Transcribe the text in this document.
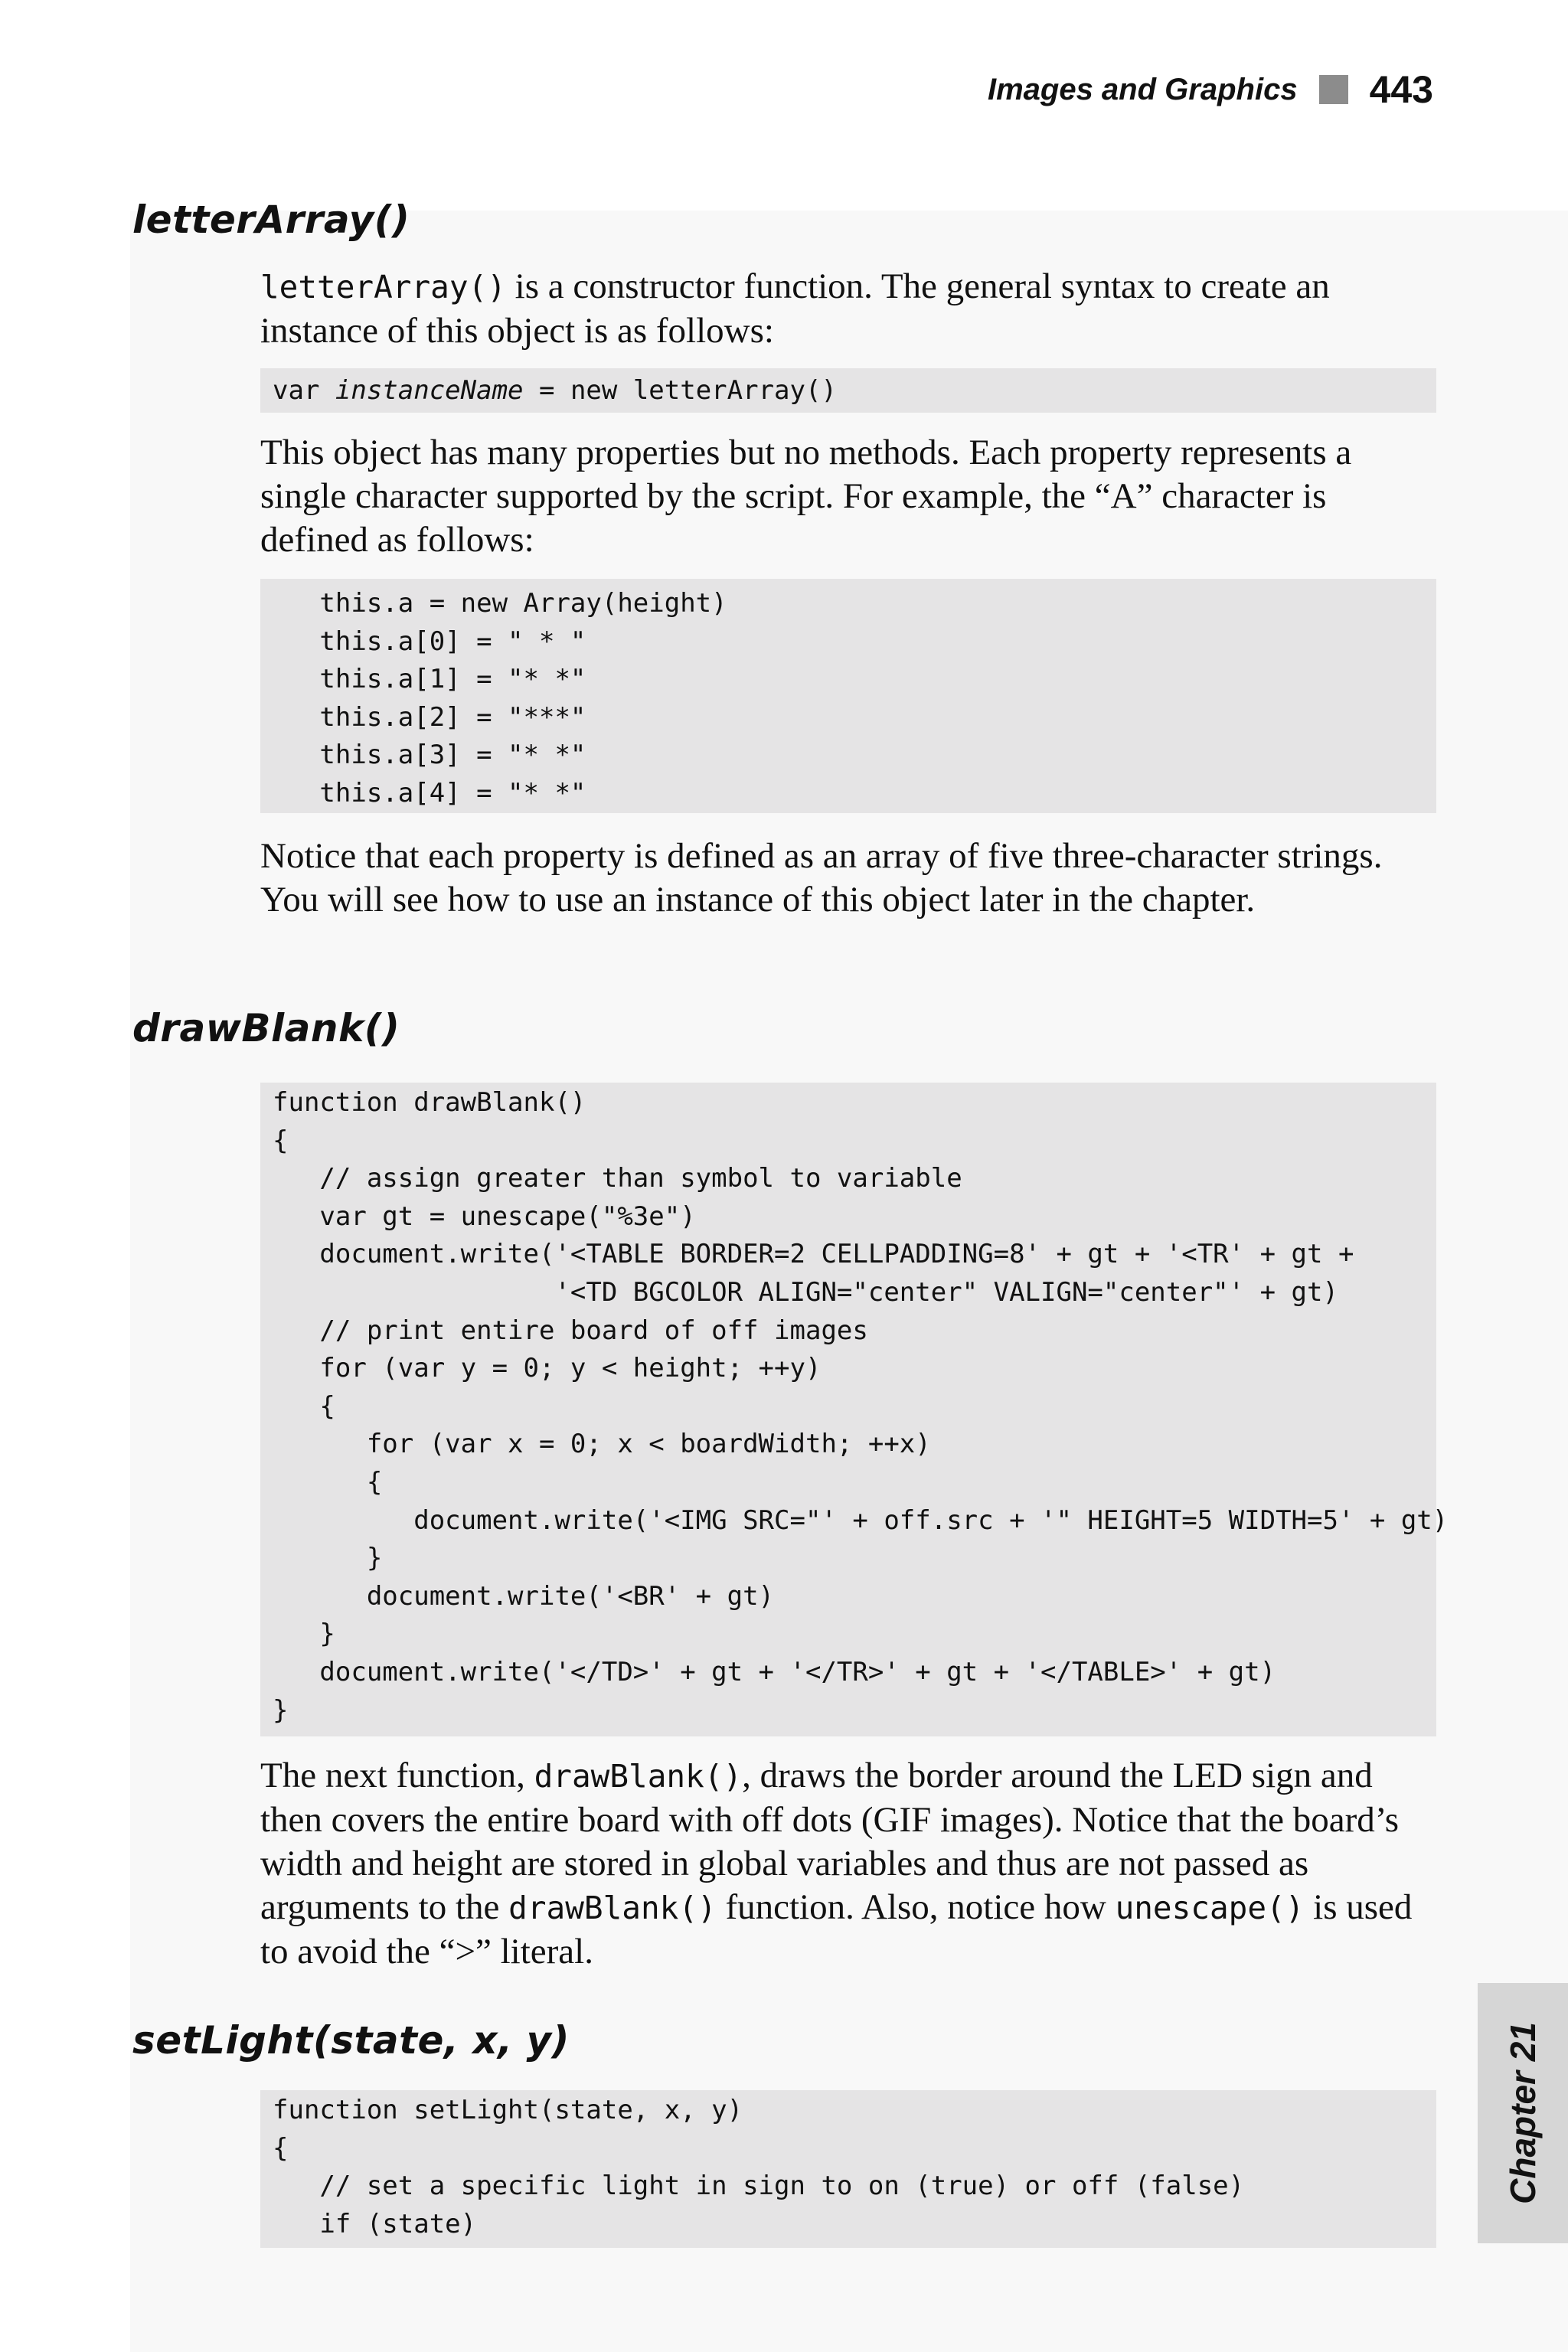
Images and Graphics 443
letterArray()

letterArray() is a constructor function. The general syntax to create an instance of this object is as follows:

var instanceName = new letterArray()

This object has many properties but no methods. Each property represents a single character supported by the script. For example, the “A” character is defined as follows:

this.a = new Array(height)
this.a[0] = " * "
this.a[1] = "* *"
this.a[2] = "***"
this.a[3] = "* *"
this.a[4] = "* *"

Notice that each property is defined as an array of five three-character strings. You will see how to use an instance of this object later in the chapter.

drawBlank()
function drawBlank()
{
// assign greater than symbol to variable
var gt = unescape("%3e")
document.write('<TABLE BORDER=2 CELLPADDING=8' + gt + '<TR' + gt +
'<TD BGCOLOR ALIGN="center" VALIGN="center"' + gt)
// print entire board of off images
for (var y = 0; y < height; ++y)
{
for (var x = 0; x < boardWidth; ++x)
{
document.write('<IMG SRC="' + off.src + '" HEIGHT=5 WIDTH=5' + gt)
}
document.write('<BR' + gt)
}
document.write('</TD>' + gt + '</TR>' + gt + '</TABLE>' + gt)
}

The next function, drawBlank(), draws the border around the LED sign and then covers the entire board with off dots (GIF images). Notice that the board’s width and height are stored in global variables and thus are not passed as arguments to the drawBlank() function. Also, notice how unescape() is used to avoid the “>” literal.

setLight(state, x, y)
function setLight(state, x, y)
{
// set a specific light in sign to on (true) or off (false)
if (state)
Chapter 21
